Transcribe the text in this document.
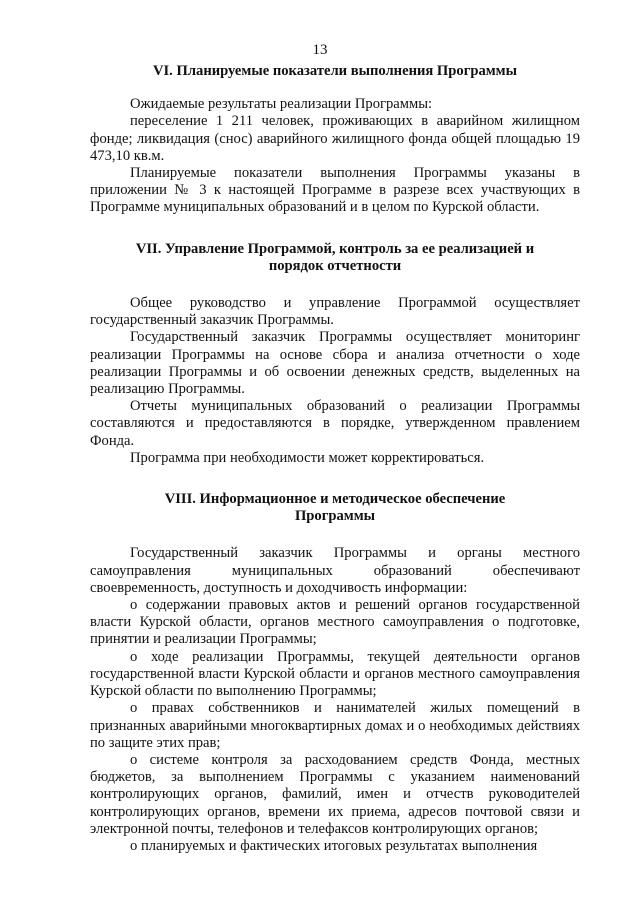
13
VI. Планируемые показатели выполнения Программы

Ожидаемые результаты реализации Программы:

переселение 1 211 человек, проживающих в аварийном жилищном фонде; ликвидация (снос) аварийного жилищного фонда общей площадью 19 473,10 кв.м.

Планируемые показатели выполнения Программы указаны в приложении № 3 к настоящей Программе в разрезе всех участвующих в Программе муниципальных образований и в целом по Курской области.

VII. Управление Программой, контроль за ее реализацией и
порядок отчетности

Общее руководство и управление Программой осуществляет государственный заказчик Программы.

Государственный заказчик Программы осуществляет мониторинг реализации Программы на основе сбора и анализа отчетности о ходе реализации Программы и об освоении денежных средств, выделенных на реализацию Программы.

Отчеты муниципальных образований о реализации Программы составляются и предоставляются в порядке, утвержденном правлением Фонда.

Программа при необходимости может корректироваться.

VIII. Информационное и методическое обеспечение
Программы

Государственный заказчик Программы и органы местного самоуправления муниципальных образований обеспечивают своевременность, доступность и доходчивость информации:

о содержании правовых актов и решений органов государственной власти Курской области, органов местного самоуправления о подготовке, принятии и реализации Программы;

о ходе реализации Программы, текущей деятельности органов государственной власти Курской области и органов местного самоуправления Курской области по выполнению Программы;

о правах собственников и нанимателей жилых помещений в признанных аварийными многоквартирных домах и о необходимых действиях по защите этих прав;

о системе контроля за расходованием средств Фонда, местных бюджетов, за выполнением Программы с указанием наименований контролирующих органов, фамилий, имен и отчеств руководителей контролирующих органов, времени их приема, адресов почтовой связи и электронной почты, телефонов и телефаксов контролирующих органов;

о планируемых и фактических итоговых результатах выполнения
